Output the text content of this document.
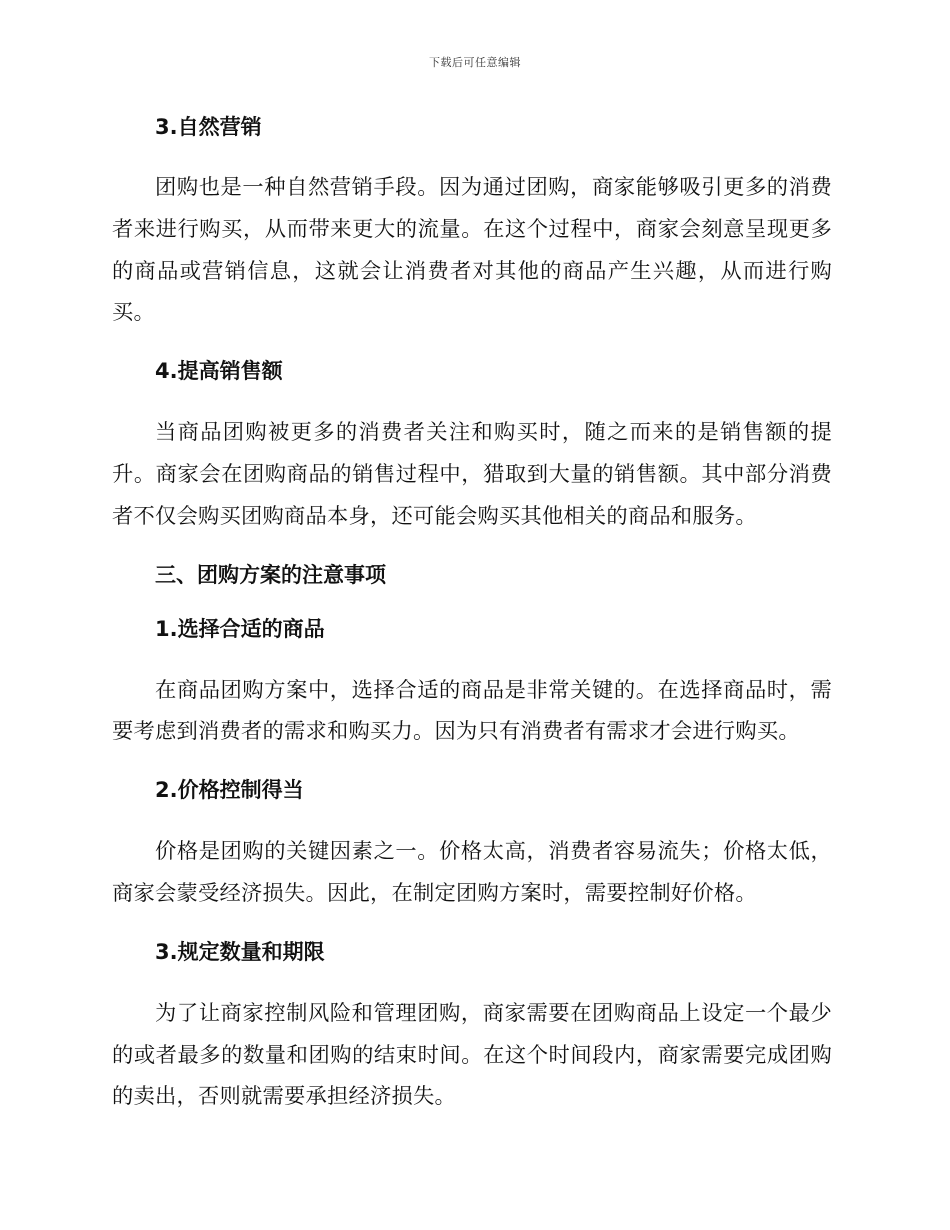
下载后可任意编辑
3.自然营销

团购也是一种自然营销手段。因为通过团购，商家能够吸引更多的消费者来进行购买，从而带来更大的流量。在这个过程中，商家会刻意呈现更多的商品或营销信息，这就会让消费者对其他的商品产生兴趣，从而进行购买。

4.提高销售额

当商品团购被更多的消费者关注和购买时，随之而来的是销售额的提升。商家会在团购商品的销售过程中，猎取到大量的销售额。其中部分消费者不仅会购买团购商品本身，还可能会购买其他相关的商品和服务。

三、团购方案的注意事项
1.选择合适的商品

在商品团购方案中，选择合适的商品是非常关键的。在选择商品时，需要考虑到消费者的需求和购买力。因为只有消费者有需求才会进行购买。

2.价格控制得当

价格是团购的关键因素之一。价格太高，消费者容易流失；价格太低，商家会蒙受经济损失。因此，在制定团购方案时，需要控制好价格。

3.规定数量和期限

为了让商家控制风险和管理团购，商家需要在团购商品上设定一个最少的或者最多的数量和团购的结束时间。在这个时间段内，商家需要完成团购的卖出，否则就需要承担经济损失。
